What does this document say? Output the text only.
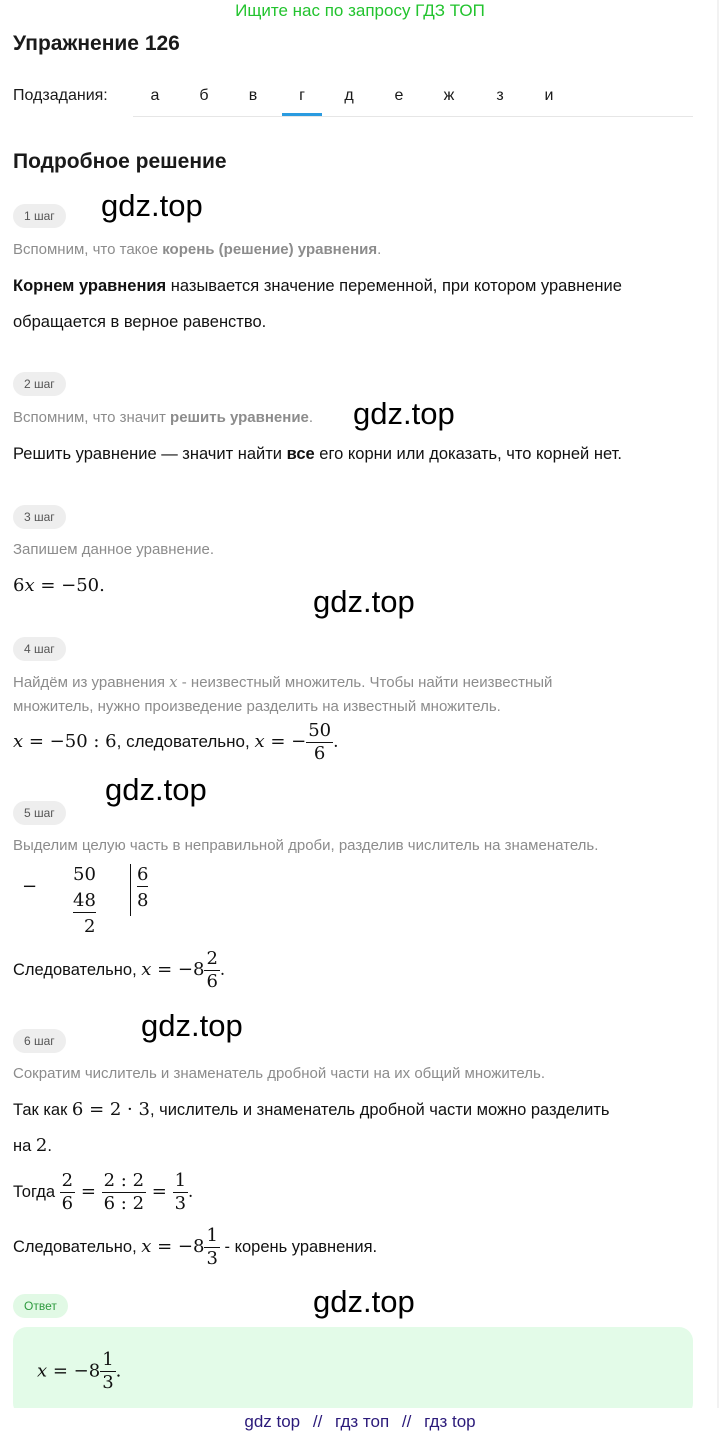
Ищите нас по запросу ГДЗ ТОП
Упражнение 126
Подзадания:	а	б	в	г	д	е	ж	з	и
Подробное решение
1 шаг	gdz.top
Вспомним, что такое корень (решение) уравнения.
Корнем уравнения называется значение переменной, при котором уравнение
обращается в верное равенство.
2 шаг
Вспомним, что значит решить уравнение. gdz.top
Решить уравнение — значит найти все его корни или доказать, что корней нет.
3 шаг
Запишем данное уравнение.
6x = −50.	gdz.top
4 шаг
Найдём из уравнения x - неизвестный множитель. Чтобы найти неизвестный
множитель, нужно произведение разделить на известный множитель.
x = −50 : 6, следовательно, x = − $\frac{50}{6}$ .
gdz.top
5 шаг
Выделим целую часть в неправильной дроби, разделив числитель на знаменатель.
−
50
48
2
6
8
Следовательно, $x = -8 \frac{2}{6}$ .
gdz.top
6 шаг
Сократим числитель и знаменатель дробной части на их общий множитель.
Так как 6 = 2 · 3, числитель и знаменатель дробной части можно разделить
на 2.
Тогда $\frac{2}{6} = \frac{2 : 2}{6 : 2} = \frac{1}{3}$ .
Следовательно, $x = -8 \frac{1}{3}$ - корень уравнения.
Ответ	gdz.top
$x = -8 \frac{1}{3}$ .
gdz top // гдз топ // гдз top
